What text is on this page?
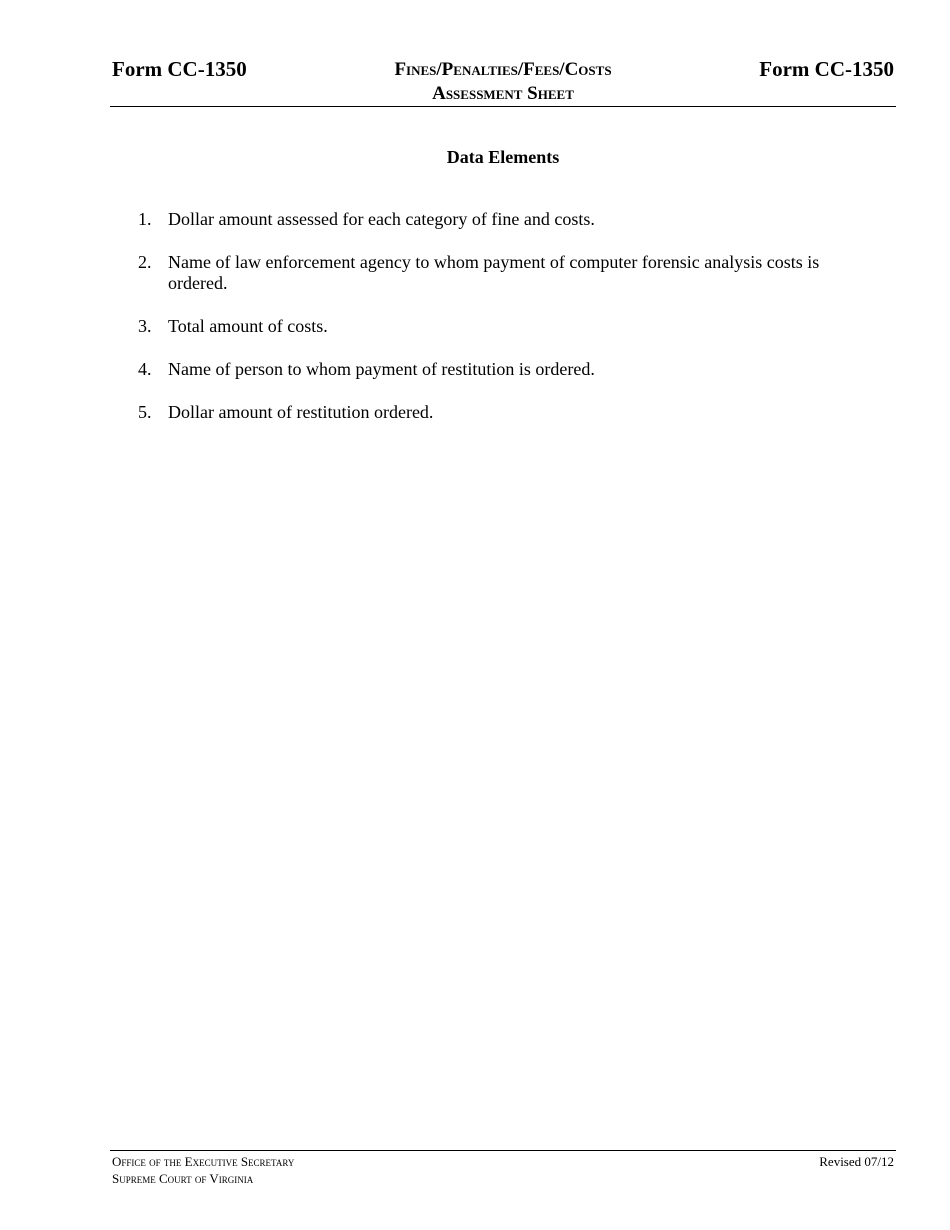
Form CC-1350	Fines/Penalties/Fees/Costs
Assessment Sheet
Form CC-1350
Data Elements
1. Dollar amount assessed for each category of fine and costs.
2. Name of law enforcement agency to whom payment of computer forensic analysis costs is ordered.
3. Total amount of costs.
4. Name of person to whom payment of restitution is ordered.
5. Dollar amount of restitution ordered.
Office of the Executive Secretary
Supreme Court of Virginia
Revised 07/12
